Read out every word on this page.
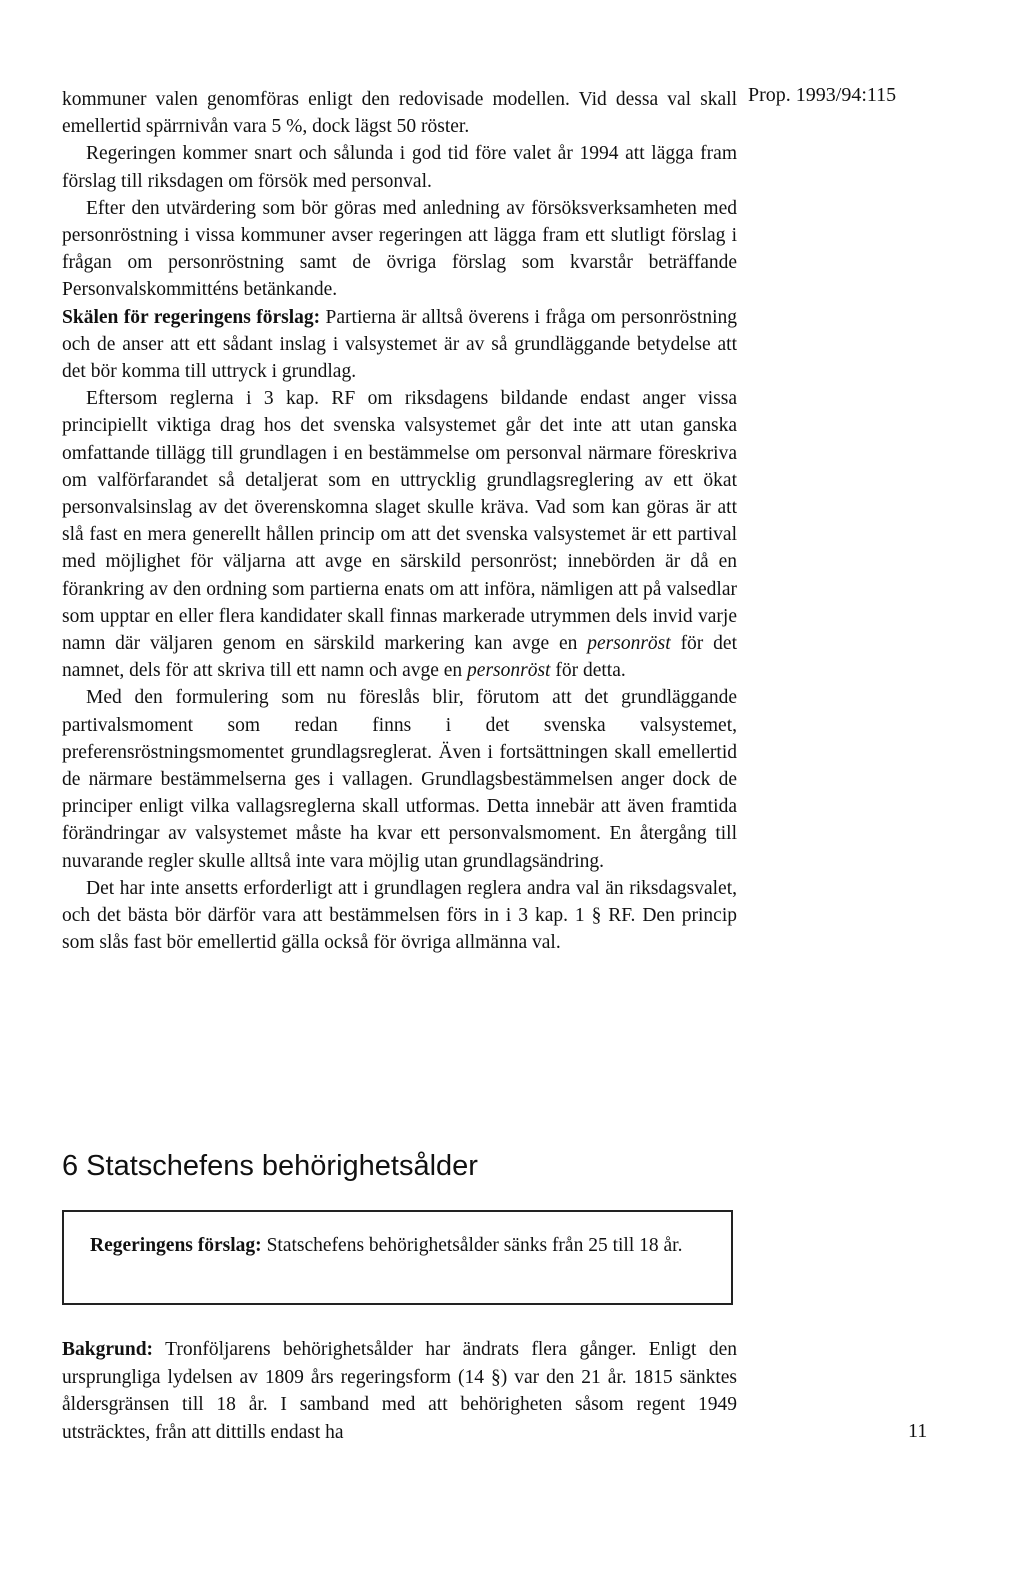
Prop. 1993/94:115

kommuner valen genomföras enligt den redovisade modellen. Vid dessa val skall emellertid spärrnivån vara 5 %, dock lägst 50 röster.

Regeringen kommer snart och sålunda i god tid före valet år 1994 att lägga fram förslag till riksdagen om försök med personval.

Efter den utvärdering som bör göras med anledning av försöksverksamheten med personröstning i vissa kommuner avser regeringen att lägga fram ett slutligt förslag i frågan om personröstning samt de övriga förslag som kvarstår beträffande Personvalskommitténs betänkande.

Skälen för regeringens förslag: Partierna är alltså överens i fråga om personröstning och de anser att ett sådant inslag i valsystemet är av så grundläggande betydelse att det bör komma till uttryck i grundlag.

Eftersom reglerna i 3 kap. RF om riksdagens bildande endast anger vissa principiellt viktiga drag hos det svenska valsystemet går det inte att utan ganska omfattande tillägg till grundlagen i en bestämmelse om personval närmare föreskriva om valförfarandet så detaljerat som en uttrycklig grundlagsreglering av ett ökat personvalsinslag av det överenskomna slaget skulle kräva. Vad som kan göras är att slå fast en mera generellt hållen princip om att det svenska valsystemet är ett partival med möjlighet för väljarna att avge en särskild personröst; innebörden är då en förankring av den ordning som partierna enats om att införa, nämligen att på valsedlar som upptar en eller flera kandidater skall finnas markerade utrymmen dels invid varje namn där väljaren genom en särskild markering kan avge en personröst för det namnet, dels för att skriva till ett namn och avge en personröst för detta.

Med den formulering som nu föreslås blir, förutom att det grundläggande partivalsmoment som redan finns i det svenska valsystemet, preferensröstningsmomentet grundlagsreglerat. Även i fortsättningen skall emellertid de närmare bestämmelserna ges i vallagen. Grundlagsbestämmelsen anger dock de principer enligt vilka vallagsreglerna skall utformas. Detta innebär att även framtida förändringar av valsystemet måste ha kvar ett personvalsmoment. En återgång till nuvarande regler skulle alltså inte vara möjlig utan grundlagsändring.

Det har inte ansetts erforderligt att i grundlagen reglera andra val än riksdagsvalet, och det bästa bör därför vara att bestämmelsen förs in i 3 kap. 1 § RF. Den princip som slås fast bör emellertid gälla också för övriga allmänna val.

6 Statschefens behörighetsålder
Regeringens förslag: Statschefens behörighetsålder sänks från 25 till 18 år.
Bakgrund: Tronföljarens behörighetsålder har ändrats flera gånger. Enligt den ursprungliga lydelsen av 1809 års regeringsform (14 §) var den 21 år. 1815 sänktes åldersgränsen till 18 år. I samband med att behörigheten såsom regent 1949 utsträcktes, från att dittills endast ha	11
